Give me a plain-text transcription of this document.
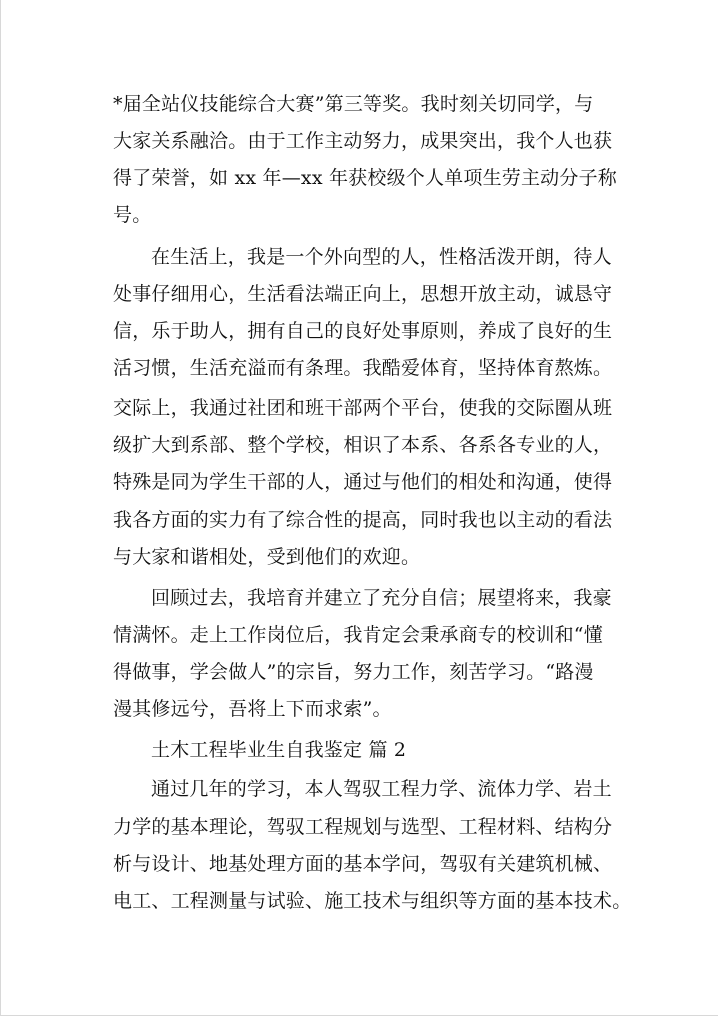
*届全站仪技能综合大赛”第三等奖。我时刻关切同学，与
大家关系融洽。由于工作主动努力，成果突出，我个人也获
得了荣誉，如 xx 年—xx 年获校级个人单项生劳主动分子称
号。
在生活上，我是一个外向型的人，性格活泼开朗，待人
处事仔细用心，生活看法端正向上，思想开放主动，诚恳守
信，乐于助人，拥有自己的良好处事原则，养成了良好的生
活习惯，生活充溢而有条理。我酷爱体育，坚持体育熬炼。
交际上，我通过社团和班干部两个平台，使我的交际圈从班
级扩大到系部、整个学校，相识了本系、各系各专业的人，
特殊是同为学生干部的人，通过与他们的相处和沟通，使得
我各方面的实力有了综合性的提高，同时我也以主动的看法
与大家和谐相处，受到他们的欢迎。
回顾过去，我培育并建立了充分自信；展望将来，我豪
情满怀。走上工作岗位后，我肯定会秉承商专的校训和“懂
得做事，学会做人”的宗旨，努力工作，刻苦学习。“路漫
漫其修远兮，吾将上下而求索”。
土木工程毕业生自我鉴定 篇 2
通过几年的学习，本人驾驭工程力学、流体力学、岩土
力学的基本理论，驾驭工程规划与选型、工程材料、结构分
析与设计、地基处理方面的基本学问，驾驭有关建筑机械、
电工、工程测量与试验、施工技术与组织等方面的基本技术。
